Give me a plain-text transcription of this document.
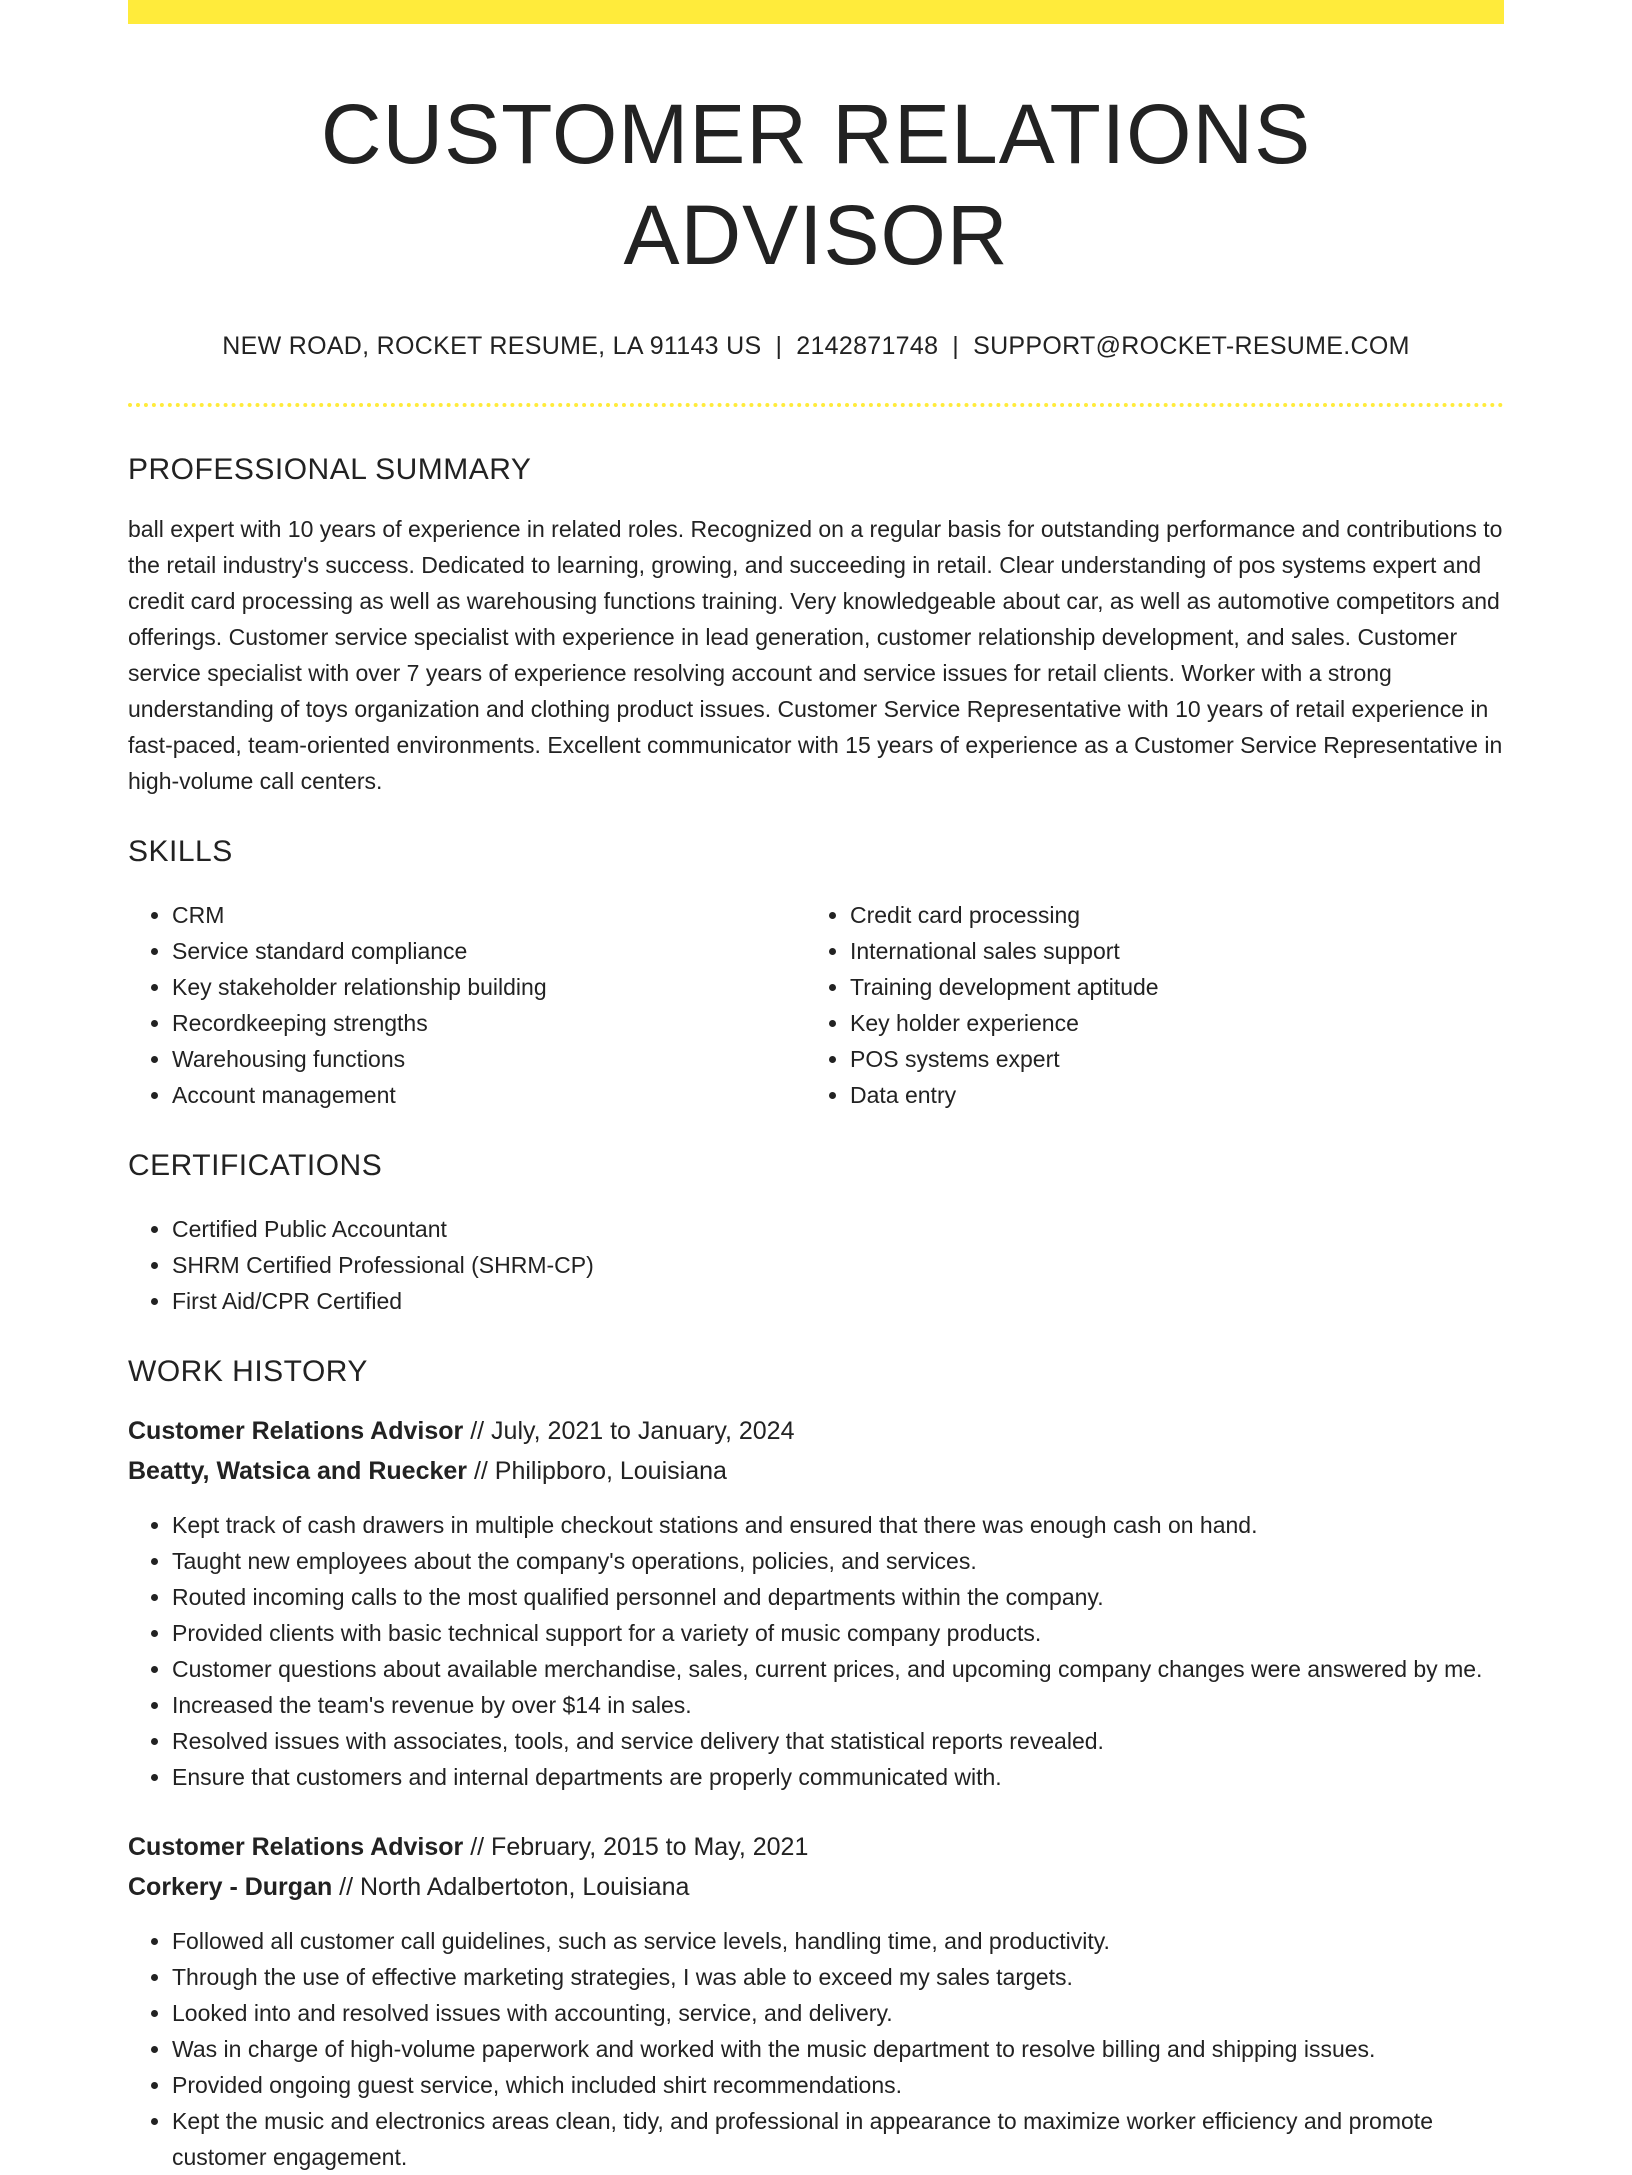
CUSTOMER RELATIONS ADVISOR
NEW ROAD, ROCKET RESUME, LA 91143 US | 2142871748 | SUPPORT@ROCKET-RESUME.COM
PROFESSIONAL SUMMARY

ball expert with 10 years of experience in related roles. Recognized on a regular basis for outstanding performance and contributions to the retail industry's success. Dedicated to learning, growing, and succeeding in retail. Clear understanding of pos systems expert and credit card processing as well as warehousing functions training. Very knowledgeable about car, as well as automotive competitors and offerings. Customer service specialist with experience in lead generation, customer relationship development, and sales. Customer service specialist with over 7 years of experience resolving account and service issues for retail clients. Worker with a strong understanding of toys organization and clothing product issues. Customer Service Representative with 10 years of retail experience in fast-paced, team-oriented environments. Excellent communicator with 15 years of experience as a Customer Service Representative in high-volume call centers.

SKILLS
• CRM
• Service standard compliance
• Key stakeholder relationship building
• Recordkeeping strengths
• Warehousing functions
• Account management
• Credit card processing
• International sales support
• Training development aptitude
• Key holder experience
• POS systems expert
• Data entry
CERTIFICATIONS
• Certified Public Accountant
• SHRM Certified Professional (SHRM-CP)
• First Aid/CPR Certified
WORK HISTORY
Customer Relations Advisor // July, 2021 to January, 2024
Beatty, Watsica and Ruecker // Philipboro, Louisiana
• Kept track of cash drawers in multiple checkout stations and ensured that there was enough cash on hand.
• Taught new employees about the company's operations, policies, and services.
• Routed incoming calls to the most qualified personnel and departments within the company.
• Provided clients with basic technical support for a variety of music company products.
• Customer questions about available merchandise, sales, current prices, and upcoming company changes were answered by me.
• Increased the team's revenue by over $14 in sales.
• Resolved issues with associates, tools, and service delivery that statistical reports revealed.
• Ensure that customers and internal departments are properly communicated with.
Customer Relations Advisor // February, 2015 to May, 2021
Corkery - Durgan // North Adalbertoton, Louisiana
• Followed all customer call guidelines, such as service levels, handling time, and productivity.
• Through the use of effective marketing strategies, I was able to exceed my sales targets.
• Looked into and resolved issues with accounting, service, and delivery.
• Was in charge of high-volume paperwork and worked with the music department to resolve billing and shipping issues.
• Provided ongoing guest service, which included shirt recommendations.
• Kept the music and electronics areas clean, tidy, and professional in appearance to maximize worker efficiency and promote customer engagement.
